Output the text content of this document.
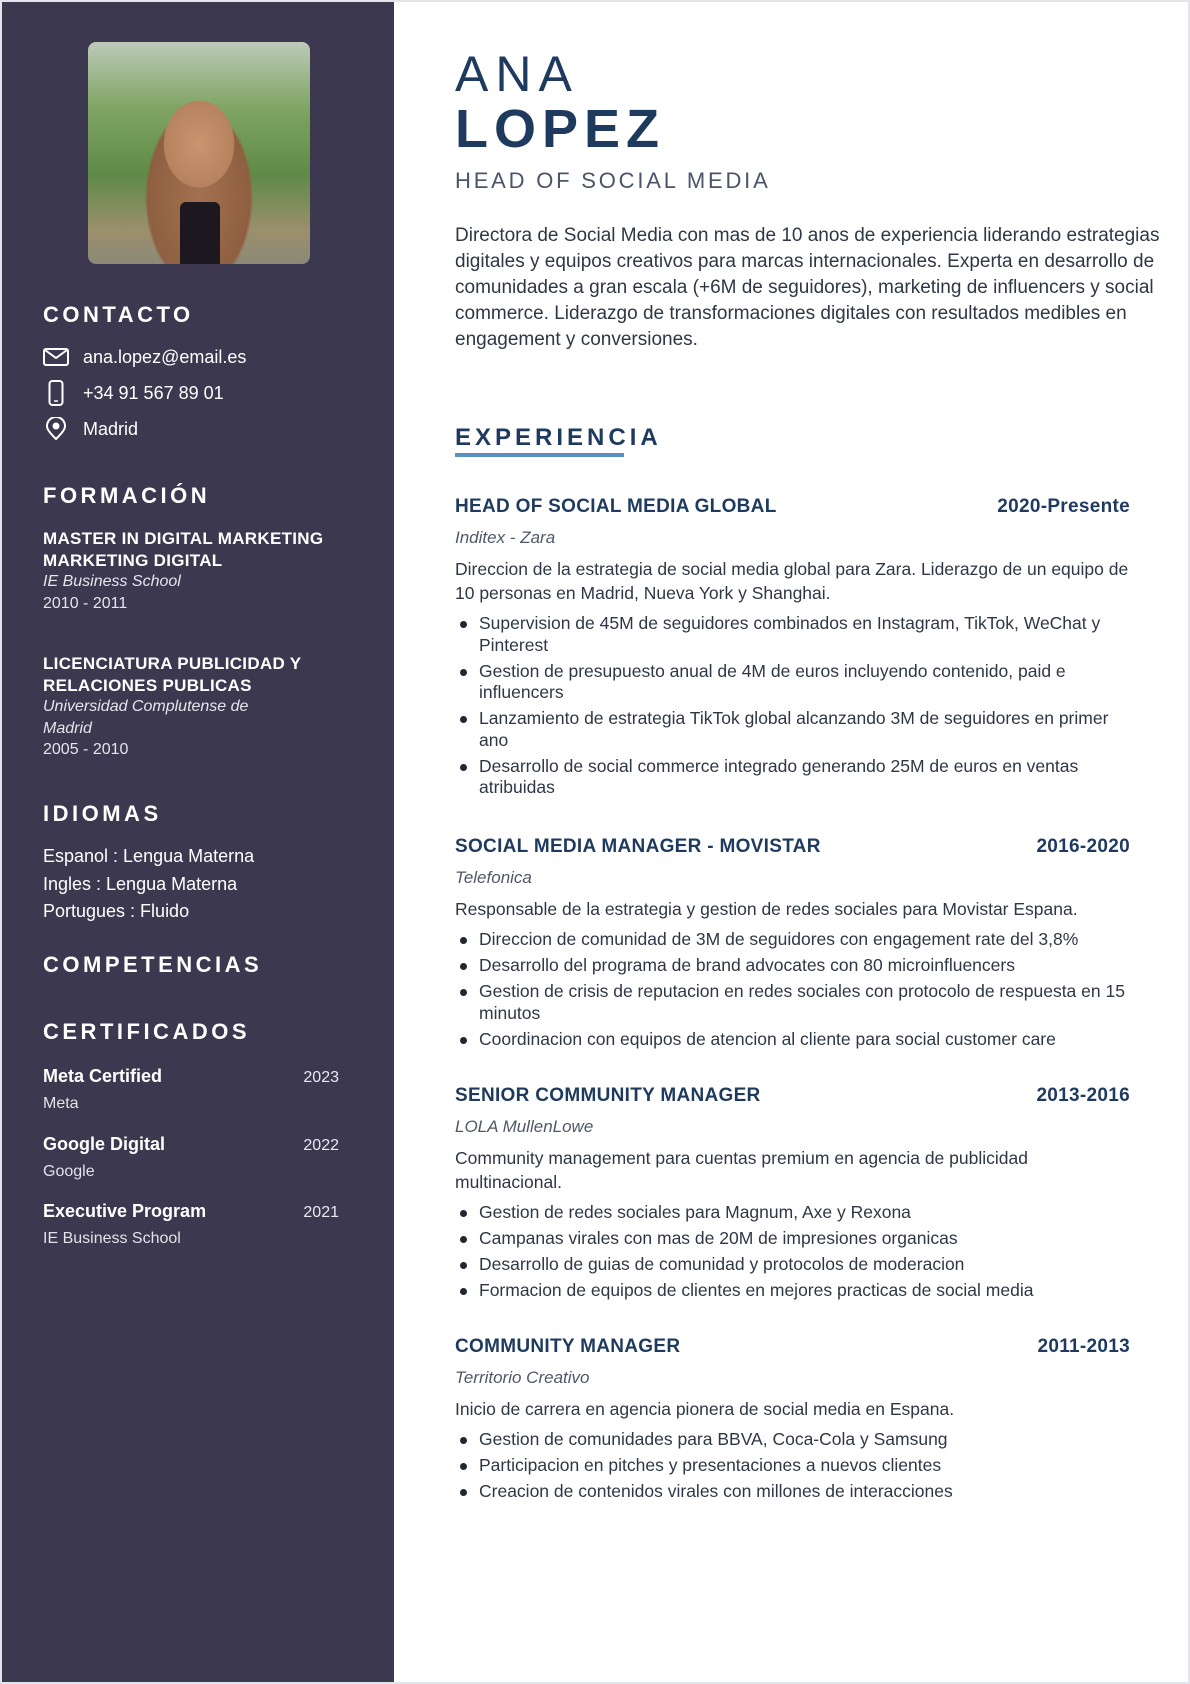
CONTACTO
ana.lopez@email.es
+34 91 567 89 01
Madrid
FORMACIÓN
MASTER IN DIGITAL MARKETING MARKETING DIGITAL
IE Business School
2010 - 2011
LICENCIATURA PUBLICIDAD Y RELACIONES PUBLICAS
Universidad Complutense de Madrid
2005 - 2010
IDIOMAS
Espanol : Lengua Materna
Ingles : Lengua Materna
Portugues : Fluido
COMPETENCIAS
CERTIFICADOS
Meta Certified	2023
Meta
Google Digital	2022
Google
Executive Program	2021
IE Business School
ANA
LOPEZ
HEAD OF SOCIAL MEDIA

Directora de Social Media con mas de 10 anos de experiencia liderando estrategias digitales y equipos creativos para marcas internacionales. Experta en desarrollo de comunidades a gran escala (+6M de seguidores), marketing de influencers y social commerce. Liderazgo de transformaciones digitales con resultados medibles en engagement y conversiones.

EXPERIENCIA
HEAD OF SOCIAL MEDIA GLOBAL	2020-Presente
Inditex - Zara
Direccion de la estrategia de social media global para Zara. Liderazgo de un equipo de 10 personas en Madrid, Nueva York y Shanghai.
Supervision de 45M de seguidores combinados en Instagram, TikTok, WeChat y Pinterest
Gestion de presupuesto anual de 4M de euros incluyendo contenido, paid e influencers
Lanzamiento de estrategia TikTok global alcanzando 3M de seguidores en primer ano
Desarrollo de social commerce integrado generando 25M de euros en ventas atribuidas
SOCIAL MEDIA MANAGER - MOVISTAR	2016-2020
Telefonica
Responsable de la estrategia y gestion de redes sociales para Movistar Espana.
Direccion de comunidad de 3M de seguidores con engagement rate del 3,8%
Desarrollo del programa de brand advocates con 80 microinfluencers
Gestion de crisis de reputacion en redes sociales con protocolo de respuesta en 15 minutos
Coordinacion con equipos de atencion al cliente para social customer care
SENIOR COMMUNITY MANAGER	2013-2016
LOLA MullenLowe
Community management para cuentas premium en agencia de publicidad multinacional.
Gestion de redes sociales para Magnum, Axe y Rexona
Campanas virales con mas de 20M de impresiones organicas
Desarrollo de guias de comunidad y protocolos de moderacion
Formacion de equipos de clientes en mejores practicas de social media
COMMUNITY MANAGER	2011-2013
Territorio Creativo
Inicio de carrera en agencia pionera de social media en Espana.
Gestion de comunidades para BBVA, Coca-Cola y Samsung
Participacion en pitches y presentaciones a nuevos clientes
Creacion de contenidos virales con millones de interacciones
